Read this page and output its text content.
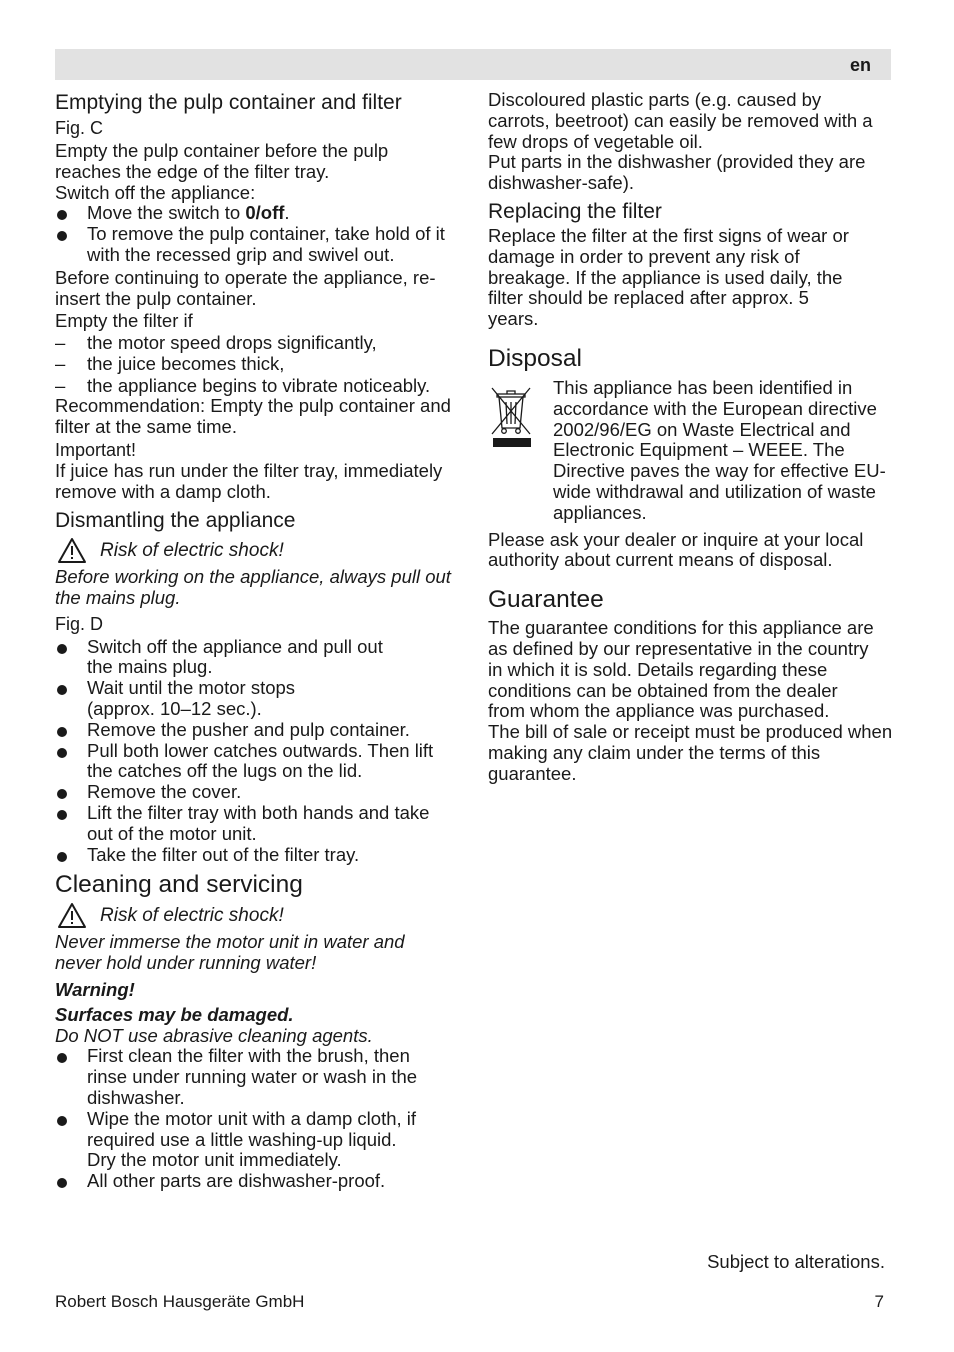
en
Emptying the pulp container and filter
Fig. C
Empty the pulp container before the pulp reaches the edge of the filter tray.
Switch off the appliance:
Move the switch to 0/off.
To remove the pulp container, take hold of it with the recessed grip and swivel out.
Before continuing to operate the appliance, re-insert the pulp container.
Empty the filter if
– the motor speed drops significantly,
– the juice becomes thick,
– the appliance begins to vibrate noticeably.
Recommendation: Empty the pulp container and filter at the same time.
Important!
If juice has run under the filter tray, immediately remove with a damp cloth.
Dismantling the appliance
Risk of electric shock!
Before working on the appliance, always pull out the mains plug.
Fig. D
Switch off the appliance and pull out the mains plug.
Wait until the motor stops (approx. 10–12 sec.).
Remove the pusher and pulp container.
Pull both lower catches outwards. Then lift the catches off the lugs on the lid.
Remove the cover.
Lift the filter tray with both hands and take out of the motor unit.
Take the filter out of the filter tray.
Cleaning and servicing
Risk of electric shock!
Never immerse the motor unit in water and never hold under running water!
Warning!
Surfaces may be damaged.
Do NOT use abrasive cleaning agents.
First clean the filter with the brush, then rinse under running water or wash in the dishwasher.
Wipe the motor unit with a damp cloth, if required use a little washing-up liquid. Dry the motor unit immediately.
All other parts are dishwasher-proof.
Discoloured plastic parts (e.g. caused by carrots, beetroot) can easily be removed with a few drops of vegetable oil.
Put parts in the dishwasher (provided they are dishwasher-safe).
Replacing the filter
Replace the filter at the first signs of wear or damage in order to prevent any risk of breakage. If the appliance is used daily, the filter should be replaced after approx. 5 years.
Disposal
This appliance has been identified in accordance with the European directive 2002/96/EG on Waste Electrical and Electronic Equipment – WEEE. The Directive paves the way for effective EU-wide withdrawal and utilization of waste appliances.
Please ask your dealer or inquire at your local authority about current means of disposal.
Guarantee
The guarantee conditions for this appliance are as defined by our representative in the country in which it is sold. Details regarding these conditions can be obtained from the dealer from whom the appliance was purchased.
The bill of sale or receipt must be produced when making any claim under the terms of this guarantee.
Subject to alterations.
Robert Bosch Hausgeräte GmbH	7
